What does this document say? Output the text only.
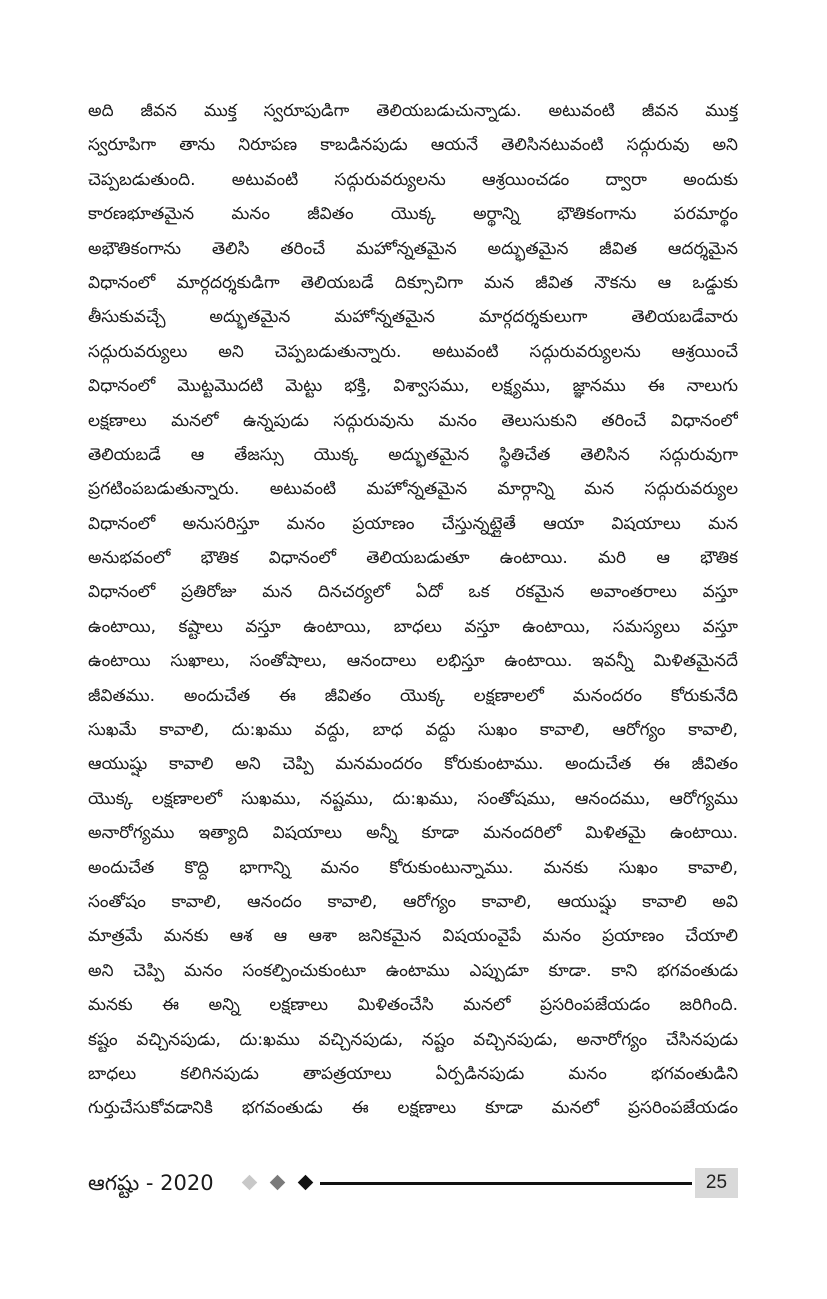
అది జీవన ముక్త స్వరూపుడిగా తెలియబడుచున్నాడు. అటువంటి జీవన ముక్త
స్వరూపిగా తాను నిరూపణ కాబడినపుడు ఆయనే తెలిసినటువంటి సద్గురువు అని
చెప్పబడుతుంది. అటువంటి సద్గురువర్యులను ఆశ్రయించడం ద్వారా అందుకు
కారణభూతమైన మనం జీవితం యొక్క అర్థాన్ని భౌతికంగాను పరమార్థం
అభౌతికంగాను తెలిసి తరించే మహోన్నతమైన అద్భుతమైన జీవిత ఆదర్శమైన
విధానంలో మార్గదర్శకుడిగా తెలియబడే దిక్సూచిగా మన జీవిత నౌకను ఆ ఒడ్డుకు
తీసుకువచ్చే అద్భుతమైన మహోన్నతమైన మార్గదర్శకులుగా తెలియబడేవారు
సద్గురువర్యులు అని చెప్పబడుతున్నారు. అటువంటి సద్గురువర్యులను ఆశ్రయించే
విధానంలో మొట్టమొదటి మెట్టు భక్తి, విశ్వాసము, లక్ష్యము, జ్ఞానము ఈ నాలుగు
లక్షణాలు మనలో ఉన్నపుడు సద్గురువును మనం తెలుసుకుని తరించే విధానంలో
తెలియబడే ఆ తేజస్సు యొక్క అద్భుతమైన స్థితిచేత తెలిసిన సద్గురువుగా
ప్రగటింపబడుతున్నారు. అటువంటి మహోన్నతమైన మార్గాన్ని మన సద్గురువర్యుల
విధానంలో అనుసరిస్తూ మనం ప్రయాణం చేస్తున్నట్లైతే ఆయా విషయాలు మన
అనుభవంలో భౌతిక విధానంలో తెలియబడుతూ ఉంటాయి. మరి ఆ భౌతిక
విధానంలో ప్రతిరోజు మన దినచర్యలో ఏదో ఒక రకమైన అవాంతరాలు వస్తూ
ఉంటాయి, కష్టాలు వస్తూ ఉంటాయి, బాధలు వస్తూ ఉంటాయి, సమస్యలు వస్తూ
ఉంటాయి సుఖాలు, సంతోషాలు, ఆనందాలు లభిస్తూ ఉంటాయి. ఇవన్నీ మిళితమైనదే
జీవితము. అందుచేత ఈ జీవితం యొక్క లక్షణాలలో మనందరం కోరుకునేది
సుఖమే కావాలి, దు:ఖము వద్దు, బాధ వద్దు సుఖం కావాలి, ఆరోగ్యం కావాలి,
ఆయుష్షు కావాలి అని చెప్పి మనమందరం కోరుకుంటాము. అందుచేత ఈ జీవితం
యొక్క లక్షణాలలో సుఖము, నష్టము, దు:ఖము, సంతోషము, ఆనందము, ఆరోగ్యము
అనారోగ్యము ఇత్యాది విషయాలు అన్నీ కూడా మనందరిలో మిళితమై ఉంటాయి.
అందుచేత కొద్ది భాగాన్ని మనం కోరుకుంటున్నాము. మనకు సుఖం కావాలి,
సంతోషం కావాలి, ఆనందం కావాలి, ఆరోగ్యం కావాలి, ఆయుష్షు కావాలి అవి
మాత్రమే మనకు ఆశ ఆ ఆశా జనికమైన విషయంవైపే మనం ప్రయాణం చేయాలి
అని చెప్పి మనం సంకల్పించుకుంటూ ఉంటాము ఎప్పుడూ కూడా. కాని భగవంతుడు
మనకు ఈ అన్ని లక్షణాలు మిళితంచేసి మనలో ప్రసరింపజేయడం జరిగింది.
కష్టం వచ్చినపుడు, దు:ఖము వచ్చినపుడు, నష్టం వచ్చినపుడు, అనారోగ్యం చేసినపుడు
బాధలు కలిగినపుడు తాపత్రయాలు ఏర్పడినపుడు మనం భగవంతుడిని
గుర్తుచేసుకోవడానికి భగవంతుడు ఈ లక్షణాలు కూడా మనలో ప్రసరింపజేయడం
ఆగష్టు - 2020	25
